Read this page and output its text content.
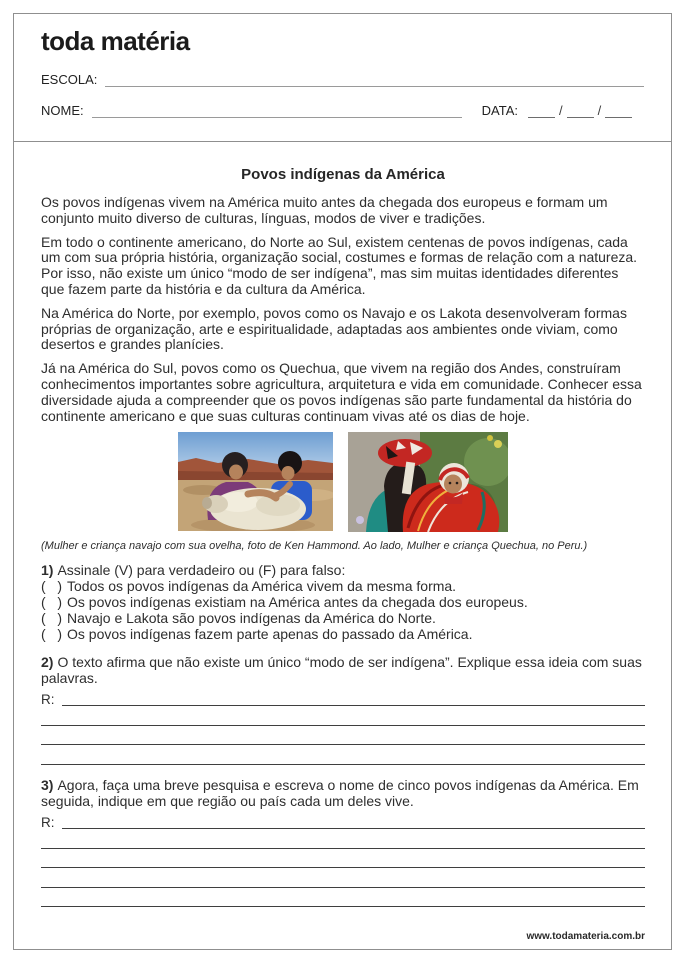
toda matéria
ESCOLA:
NOME:	DATA:	/	/
Povos indígenas da América

Os povos indígenas vivem na América muito antes da chegada dos europeus e formam um conjunto muito diverso de culturas, línguas, modos de viver e tradições.

Em todo o continente americano, do Norte ao Sul, existem centenas de povos indígenas, cada um com sua própria história, organização social, costumes e formas de relação com a natureza. Por isso, não existe um único “modo de ser indígena”, mas sim muitas identidades diferentes que fazem parte da história e da cultura da América.

Na América do Norte, por exemplo, povos como os Navajo e os Lakota desenvolveram formas próprias de organização, arte e espiritualidade, adaptadas aos ambientes onde viviam, como desertos e grandes planícies.

Já na América do Sul, povos como os Quechua, que vivem na região dos Andes, construíram conhecimentos importantes sobre agricultura, arquitetura e vida em comunidade. Conhecer essa diversidade ajuda a compreender que os povos indígenas são parte fundamental da história do continente americano e que suas culturas continuam vivas até os dias de hoje.

(Mulher e criança navajo com sua ovelha, foto de Ken Hammond. Ao lado, Mulher e criança Quechua, no Peru.)
1) Assinale (V) para verdadeiro ou (F) para falso:
(   ) Todos os povos indígenas da América vivem da mesma forma.
(   ) Os povos indígenas existiam na América antes da chegada dos europeus.
(   ) Navajo e Lakota são povos indígenas da América do Norte.
(   ) Os povos indígenas fazem parte apenas do passado da América.
2) O texto afirma que não existe um único “modo de ser indígena”. Explique essa ideia com suas palavras.
R:
3) Agora, faça uma breve pesquisa e escreva o nome de cinco povos indígenas da América. Em seguida, indique em que região ou país cada um deles vive.
R:
www.todamateria.com.br
